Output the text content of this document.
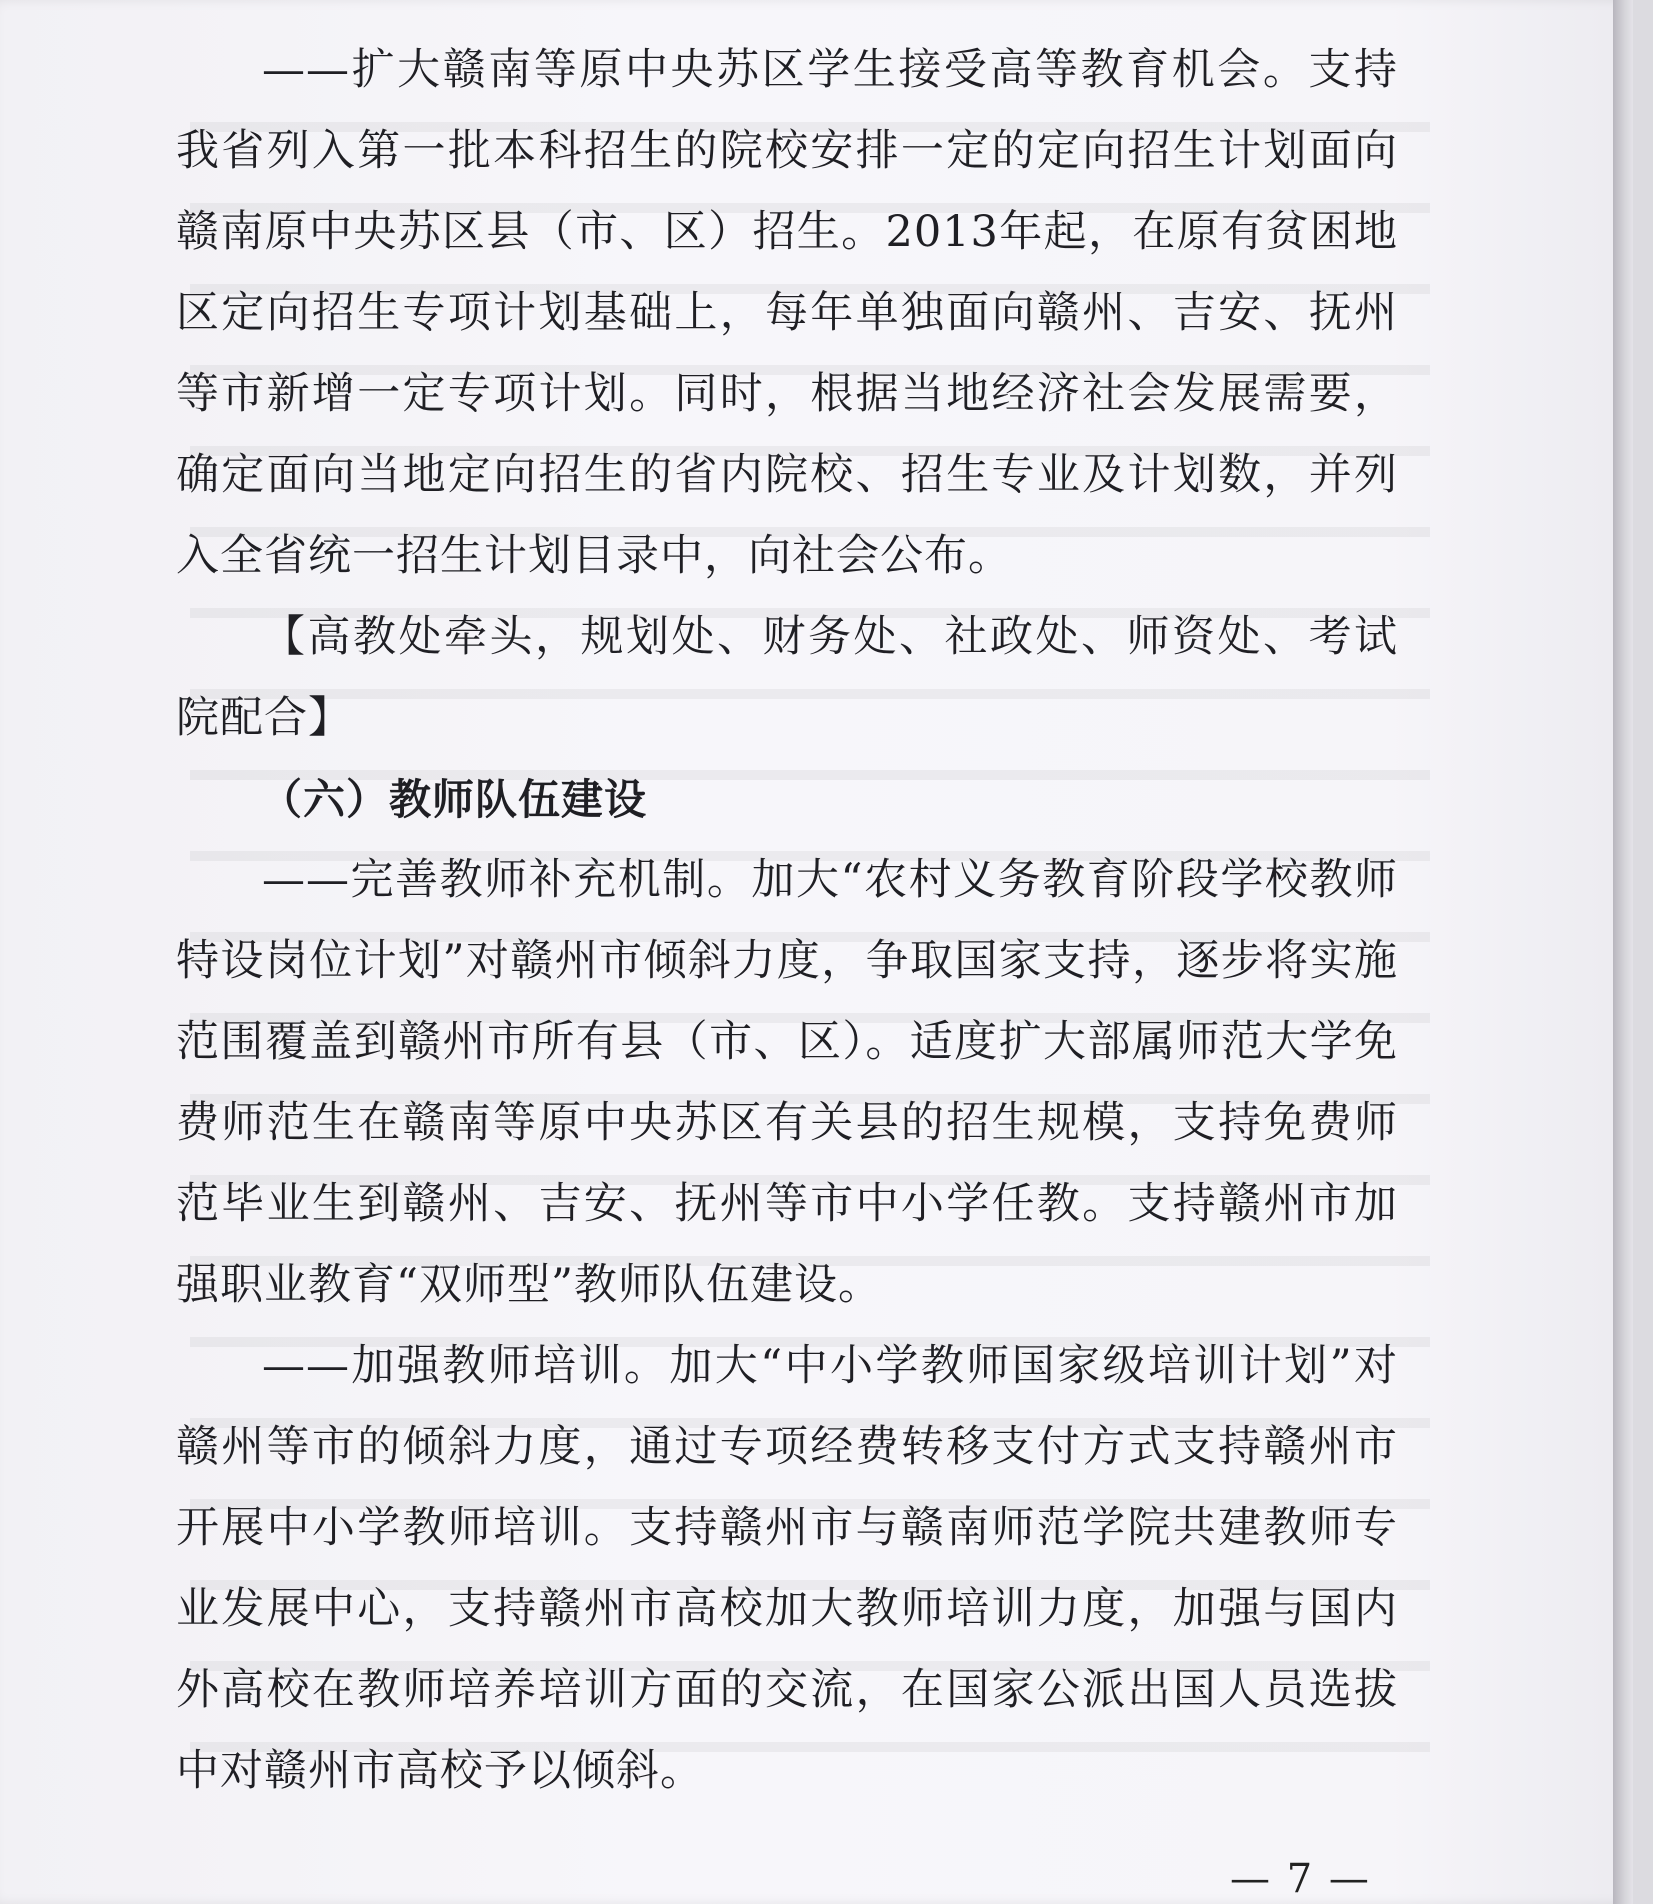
——扩大赣南等原中央苏区学生接受高等教育机会。支持我省列入第一批本科招生的院校安排一定的定向招生计划面向赣南原中央苏区县（市、区）招生。2013年起，在原有贫困地区定向招生专项计划基础上，每年单独面向赣州、吉安、抚州等市新增一定专项计划。同时，根据当地经济社会发展需要，确定面向当地定向招生的省内院校、招生专业及计划数，并列入全省统一招生计划目录中，向社会公布。

【高教处牵头，规划处、财务处、社政处、师资处、考试院配合】

（六）教师队伍建设

——完善教师补充机制。加大“农村义务教育阶段学校教师特设岗位计划”对赣州市倾斜力度，争取国家支持，逐步将实施范围覆盖到赣州市所有县（市、区）。适度扩大部属师范大学免费师范生在赣南等原中央苏区有关县的招生规模，支持免费师范毕业生到赣州、吉安、抚州等市中小学任教。支持赣州市加强职业教育“双师型”教师队伍建设。

——加强教师培训。加大“中小学教师国家级培训计划”对赣州等市的倾斜力度，通过专项经费转移支付方式支持赣州市开展中小学教师培训。支持赣州市与赣南师范学院共建教师专业发展中心，支持赣州市高校加大教师培训力度，加强与国内外高校在教师培养培训方面的交流，在国家公派出国人员选拔中对赣州市高校予以倾斜。

— 7 —
